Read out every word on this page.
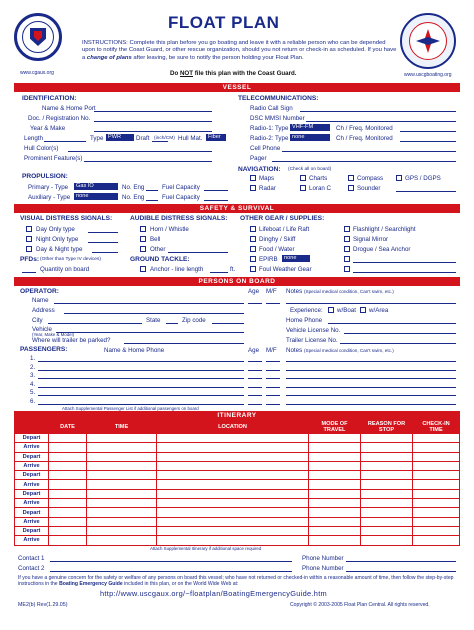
www.cgaux.org
FLOAT PLAN
INSTRUCTIONS: Complete this plan before you go boating and leave it with a reliable person who can be depended upon to notify the Coast Guard, or other rescue organization, should you not return or check-in as scheduled. If you have a change of plans after leaving, be sure to notify the person holding your Float Plan.
Do NOT file this plan with the Coast Guard.	www.uscgboating.org
VESSEL
IDENTIFICATION:
Name & Home Port
Doc. / Registration No.
Year & Make
Length	Type PWR	Draft (inch/CM) Hull Mat. Fiber
Hull Color(s)
Prominent Feature(s)
TELECOMMUNICATIONS:
Radio Call Sign
DSC MMSI Number
Radio-1: Type VHF-FM	Ch / Freq. Monitored
Radio-2: Type none	Ch / Freq. Monitored
Cell Phone
Pager
NAVIGATION: (Check all on board)
Maps	Charts	Compass	GPS / DGPS
Radar	Loran C	Sounder
PROPULSION:
Primary - Type	Gas IO	No. Eng	Fuel Capacity
Auxiliary - Type	none	No. Eng	Fuel Capacity
SAFETY & SURVIVAL
VISUAL DISTRESS SIGNALS:	AUDIBLE DISTRESS SIGNALS: OTHER GEAR / SUPPLIES:
Day Only type
Night Only type
Day & Night type
Horn / Whistle
Bell
Other
Lifeboat / Life Raft
Dinghy / Skiff
Food / Water
EPIRB	none
Foul Weather Gear
Flashlight / Searchlight
Signal Mirror
Drogue / Sea Anchor
PFDs: (Other than Type IV devices)
Quantity on board
GROUND TACKLE:
Anchor - line length	ft.
PERSONS ON BOARD
OPERATOR:
Name
Address
City	State	Zip code
Vehicle
(Year, Make & Model)
Where will trailer be parked?
Age M/F Notes (Special medical condition, Can't swim, etc.)
Experience: w/Boat w/Area
Home Phone
Vehicle License No.
Trailer License No.
PASSENGERS:	Name & Home Phone	Age M/F Notes (Special medical condition, Can't swim, etc.)
1.
2.
3.
4.
5.
6.
Attach Supplemental Passenger List if additional passengers on board
ITINERARY
	DATE	TIME	LOCATION	MODE OF TRAVEL	REASON FOR STOP	CHECK-IN TIME
Depart						
Arrive						
Depart						
Arrive						
Depart						
Arrive						
Depart						
Arrive						
Depart						
Arrive						
Depart						
Arrive						
Attach Supplemental Itinerary if additional space required
Contact 1	Phone Number
Contact 2	Phone Number
If you have a genuine concern for the safety or welfare of any persons on board this vessel; who have not returned or checked-in within a reasonable amount of time, then follow the step-by-step instructions in the Boating Emergency Guide included in this plan, or on the World Wide Web at:
http://www.uscgaux.org/~floatplan/BoatingEmergencyGuide.htm
ME2(b) Rev(1.29.05)	Copyright © 2003-2005 Float Plan Central. All rights reserved.
